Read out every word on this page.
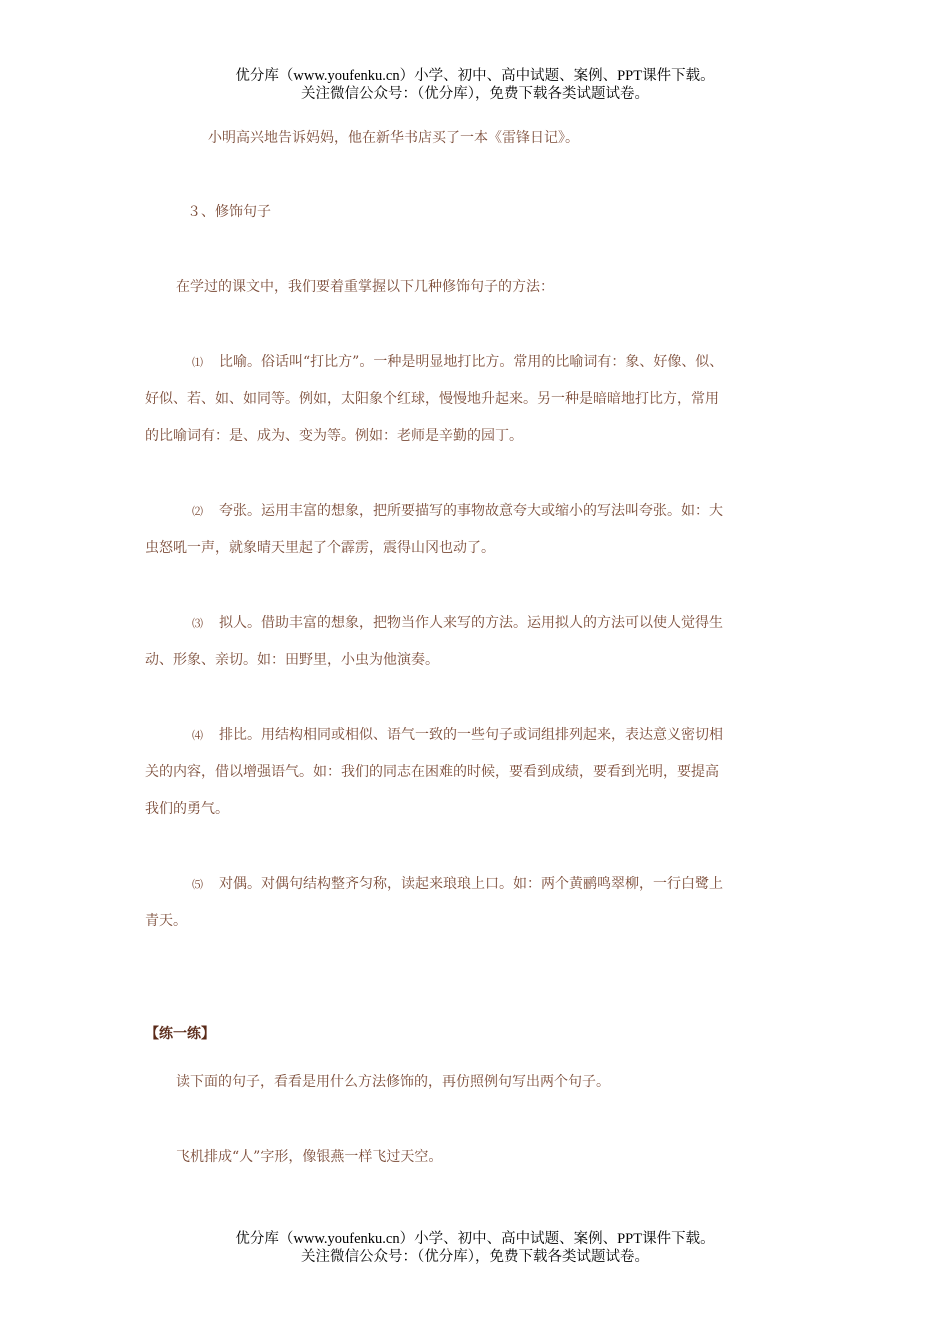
优分库（www.youfenku.cn）小学、初中、高中试题、案例、PPT课件下载。
关注微信公众号：（优分库），免费下载各类试题试卷。
小明高兴地告诉妈妈，他在新华书店买了一本《雷锋日记》。
３、修饰句子
在学过的课文中，我们要着重掌握以下几种修饰句子的方法：
⑴ 比喻。俗话叫“打比方”。一种是明显地打比方。常用的比喻词有：象、好像、似、
好似、若、如、如同等。例如，太阳象个红球，慢慢地升起来。另一种是暗暗地打比方，常用
的比喻词有：是、成为、变为等。例如：老师是辛勤的园丁。
⑵ 夸张。运用丰富的想象，把所要描写的事物故意夸大或缩小的写法叫夸张。如：大
虫怒吼一声，就象晴天里起了个霹雳，震得山冈也动了。
⑶ 拟人。借助丰富的想象，把物当作人来写的方法。运用拟人的方法可以使人觉得生
动、形象、亲切。如：田野里，小虫为他演奏。
⑷ 排比。用结构相同或相似、语气一致的一些句子或词组排列起来，表达意义密切相
关的内容，借以增强语气。如：我们的同志在困难的时候，要看到成绩，要看到光明，要提高
我们的勇气。
⑸ 对偶。对偶句结构整齐匀称，读起来琅琅上口。如：两个黄鹂鸣翠柳，一行白鹭上
青天。
【练一练】
读下面的句子，看看是用什么方法修饰的，再仿照例句写出两个句子。
飞机排成“人”字形，像银燕一样飞过天空。
优分库（www.youfenku.cn）小学、初中、高中试题、案例、PPT课件下载。
关注微信公众号：（优分库），免费下载各类试题试卷。
